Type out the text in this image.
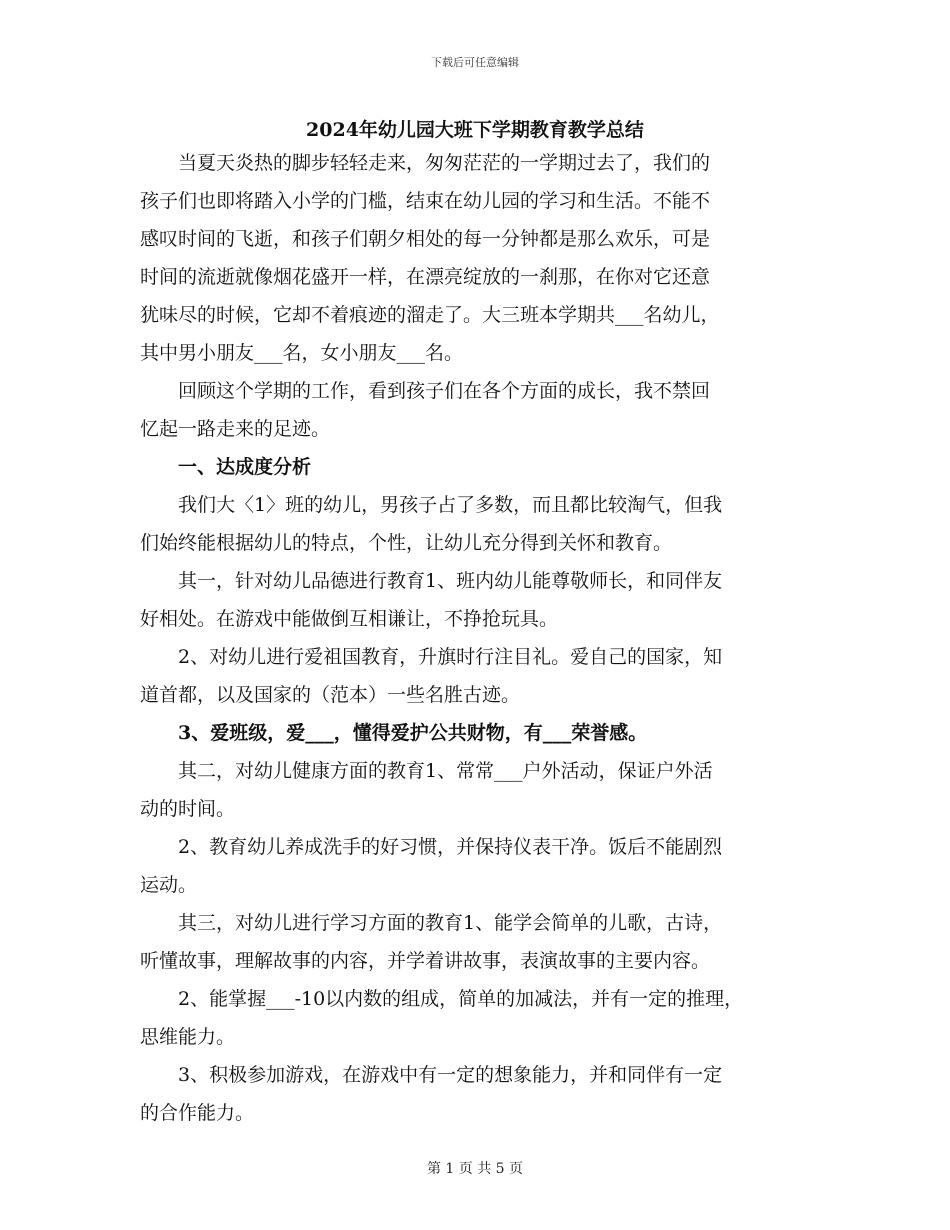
下载后可任意编辑
2024年幼儿园大班下学期教育教学总结

当夏天炎热的脚步轻轻走来，匆匆茫茫的一学期过去了，我们的

孩子们也即将踏入小学的门槛，结束在幼儿园的学习和生活。不能不

感叹时间的飞逝，和孩子们朝夕相处的每一分钟都是那么欢乐，可是

时间的流逝就像烟花盛开一样，在漂亮绽放的一刹那，在你对它还意

犹味尽的时候，它却不着痕迹的溜走了。大三班本学期共___名幼儿，

其中男小朋友___名，女小朋友___名。

回顾这个学期的工作，看到孩子们在各个方面的成长，我不禁回

忆起一路走来的足迹。

一、达成度分析

我们大〈1〉班的幼儿，男孩子占了多数，而且都比较淘气，但我

们始终能根据幼儿的特点，个性，让幼儿充分得到关怀和教育。

其一，针对幼儿品德进行教育1、班内幼儿能尊敬师长，和同伴友

好相处。在游戏中能做倒互相谦让，不挣抢玩具。

2、对幼儿进行爱祖国教育，升旗时行注目礼。爱自己的国家，知

道首都，以及国家的（范本）一些名胜古迹。

3、爱班级，爱___，懂得爱护公共财物，有___荣誉感。

其二，对幼儿健康方面的教育1、常常___户外活动，保证户外活

动的时间。

2、教育幼儿养成洗手的好习惯，并保持仪表干净。饭后不能剧烈

运动。

其三，对幼儿进行学习方面的教育1、能学会简单的儿歌，古诗，

听懂故事，理解故事的内容，并学着讲故事，表演故事的主要内容。

2、能掌握___-10以内数的组成，简单的加减法，并有一定的推理，

思维能力。

3、积极参加游戏，在游戏中有一定的想象能力，并和同伴有一定

的合作能力。

第 1 页 共 5 页
